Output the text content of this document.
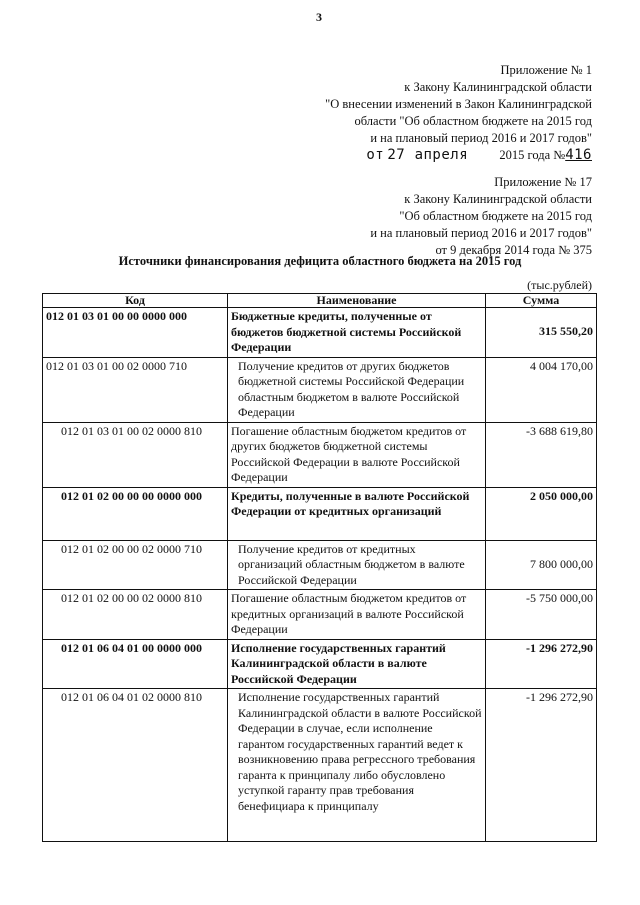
3
Приложение № 1
к Закону Калининградской области
"О внесении изменений в Закон Калининградской
области "Об областном бюджете на 2015 год
и на плановый период 2016 и 2017 годов"
от 27 апреля	2015 года №416
Приложение № 17
к Закону Калининградской области
"Об областном бюджете на 2015 год
и на плановый период 2016 и 2017 годов"
от 9 декабря 2014 года № 375
Источники финансирования дефицита областного бюджета на 2015 год
(тыс.рублей)
Код	Наименование	Сумма
012 01 03 01 00 00 0000 000	Бюджетные кредиты, полученные от бюджетов бюджетной системы Российской Федерации	315 550,20
012 01 03 01 00 02 0000 710	Получение кредитов от других бюджетов бюджетной системы Российской Федерации областным бюджетом в валюте Российской Федерации	4 004 170,00
012 01 03 01 00 02 0000 810	Погашение областным бюджетом кредитов от других бюджетов бюджетной системы Российской Федерации в валюте Российской Федерации	-3 688 619,80
012 01 02 00 00 00 0000 000	Кредиты, полученные в валюте Российской Федерации от кредитных организаций	2 050 000,00
012 01 02 00 00 02 0000 710	Получение кредитов от кредитных организаций областным бюджетом в валюте Российской Федерации	7 800 000,00
012 01 02 00 00 02 0000 810	Погашение областным бюджетом кредитов от кредитных организаций в валюте Российской Федерации	-5 750 000,00
012 01 06 04 01 00 0000 000	Исполнение государственных гарантий Калининградской области в валюте Российской Федерации	-1 296 272,90
012 01 06 04 01 02 0000 810	Исполнение государственных гарантий Калининградской области в валюте Российской Федерации в случае, если исполнение гарантом государственных гарантий ведет к возникновению права регрессного требования гаранта к принципалу либо обусловлено уступкой гаранту прав требования бенефициара к принципалу	-1 296 272,90
